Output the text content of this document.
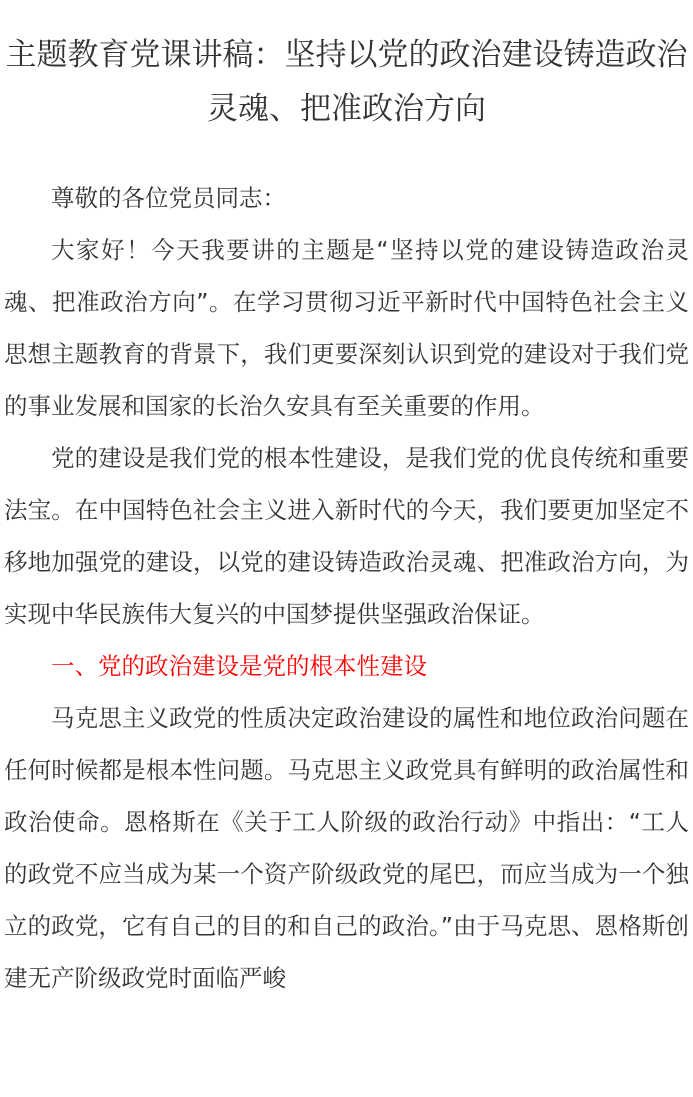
主题教育党课讲稿：坚持以党的政治建设铸造政治灵魂、把准政治方向

尊敬的各位党员同志：

大家好！今天我要讲的主题是“坚持以党的建设铸造政治灵魂、把准政治方向”。在学习贯彻习近平新时代中国特色社会主义思想主题教育的背景下，我们更要深刻认识到党的建设对于我们党的事业发展和国家的长治久安具有至关重要的作用。

党的建设是我们党的根本性建设，是我们党的优良传统和重要法宝。在中国特色社会主义进入新时代的今天，我们要更加坚定不移地加强党的建设，以党的建设铸造政治灵魂、把准政治方向，为实现中华民族伟大复兴的中国梦提供坚强政治保证。

一、党的政治建设是党的根本性建设

马克思主义政党的性质决定政治建设的属性和地位政治问题在任何时候都是根本性问题。马克思主义政党具有鲜明的政治属性和政治使命。恩格斯在《关于工人阶级的政治行动》中指出：“工人的政党不应当成为某一个资产阶级政党的尾巴，而应当成为一个独立的政党，它有自己的目的和自己的政治。”由于马克思、恩格斯创建无产阶级政党时面临严峻
